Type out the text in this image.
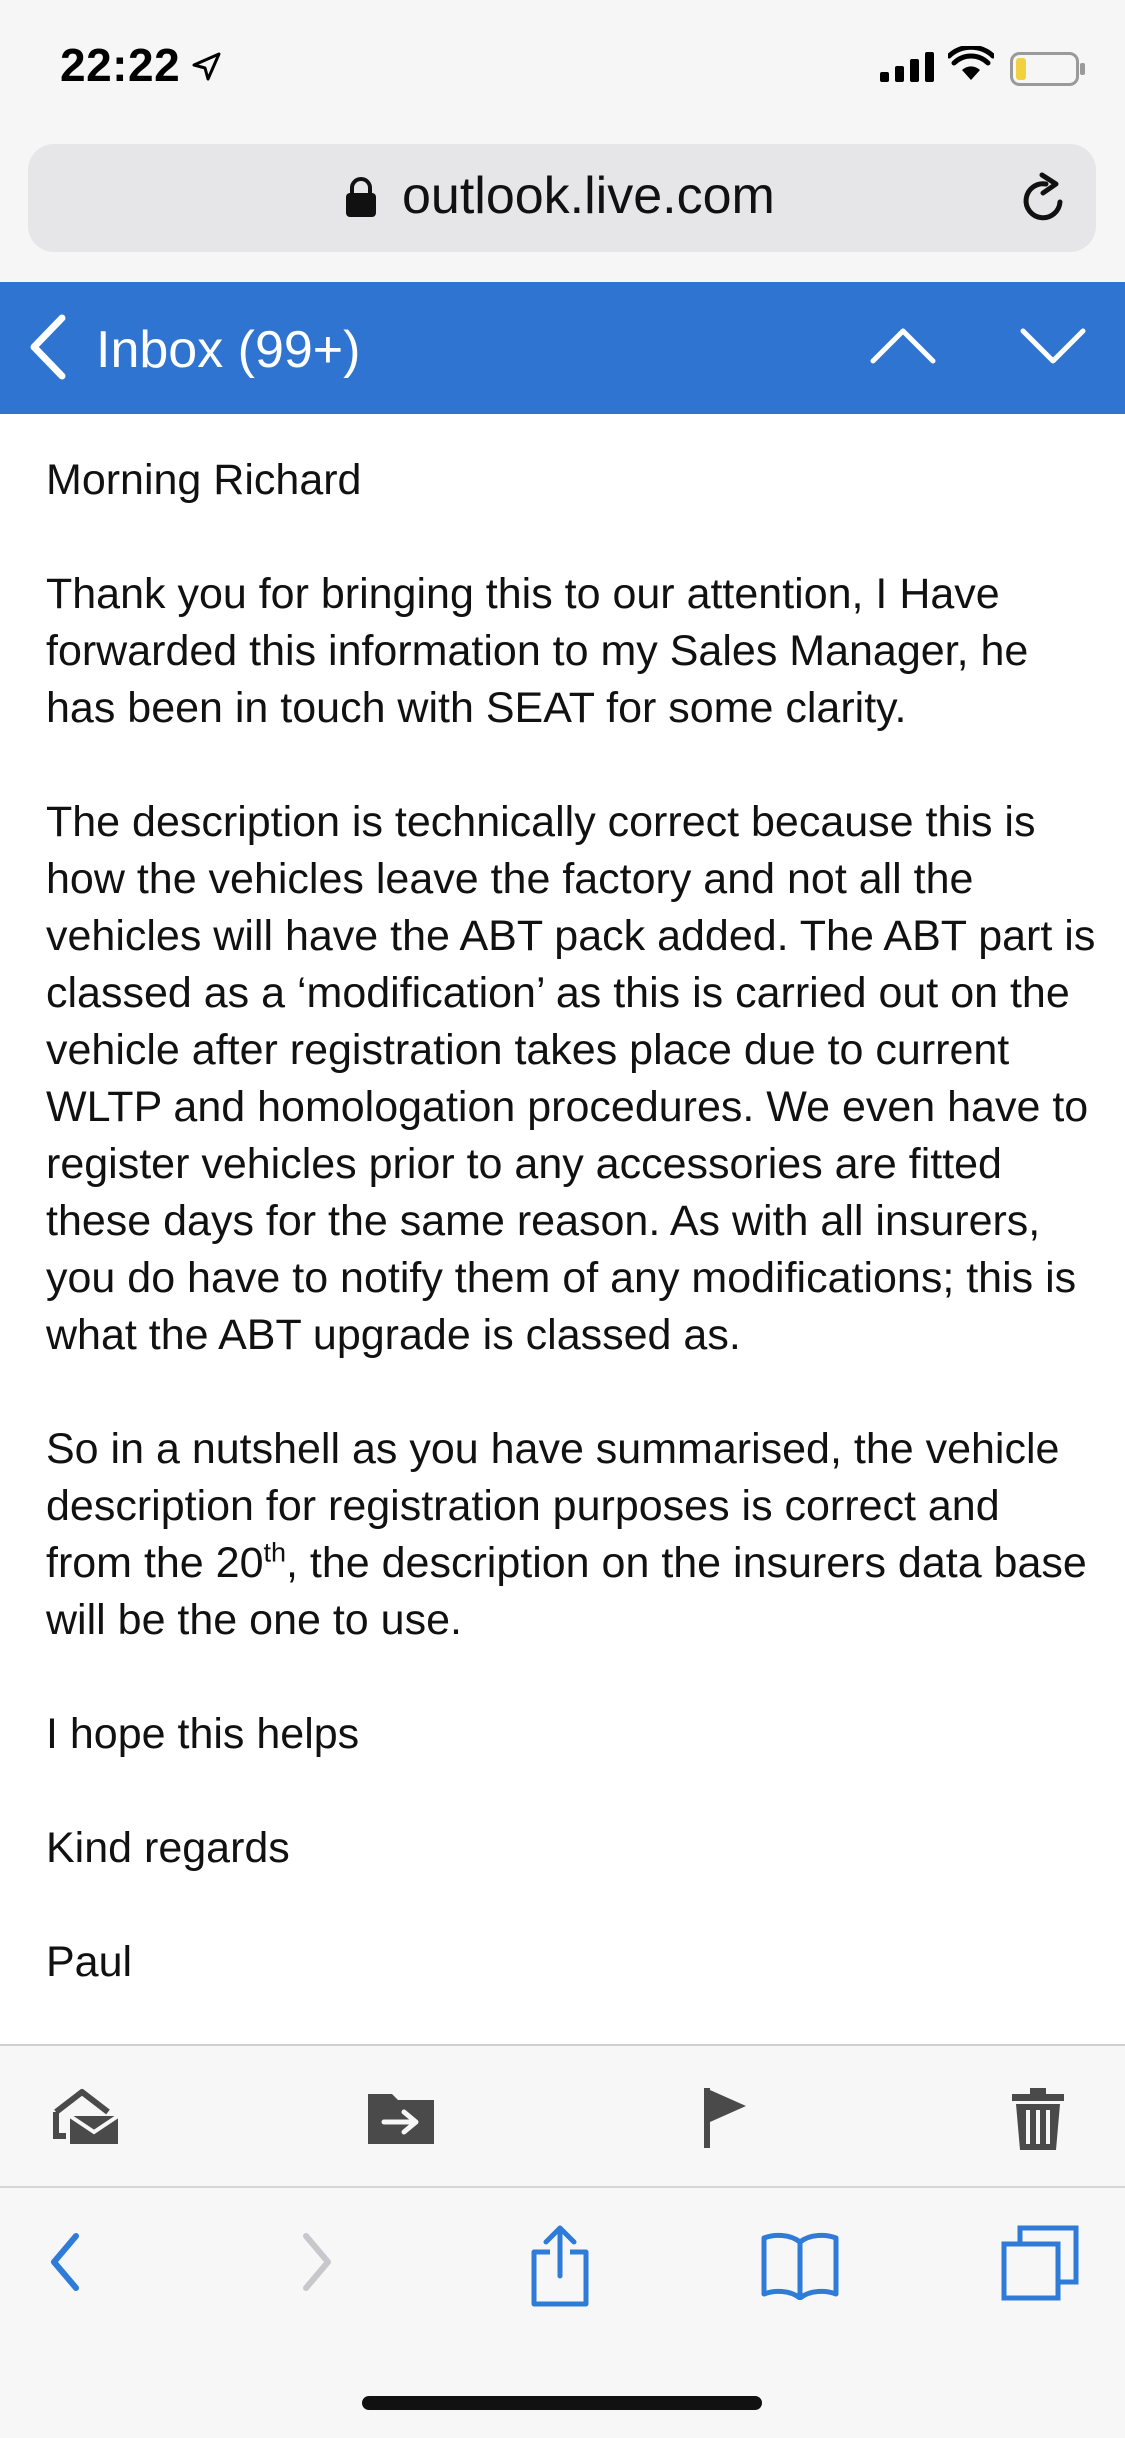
22:22
outlook.live.com
Inbox (99+)

Morning Richard

Thank you for bringing this to our attention, I Have forwarded this information to my Sales Manager, he has been in touch with SEAT for some clarity.

The description is technically correct because this is how the vehicles leave the factory and not all the vehicles will have the ABT pack added. The ABT part is classed as a ‘modification’ as this is carried out on the vehicle after registration takes place due to current WLTP and homologation procedures. We even have to register vehicles prior to any accessories are fitted these days for the same reason. As with all insurers, you do have to notify them of any modifications; this is what the ABT upgrade is classed as.

So in a nutshell as you have summarised, the vehicle description for registration purposes is correct and from the 20th, the description on the insurers data base will be the one to use.

I hope this helps

Kind regards

Paul
